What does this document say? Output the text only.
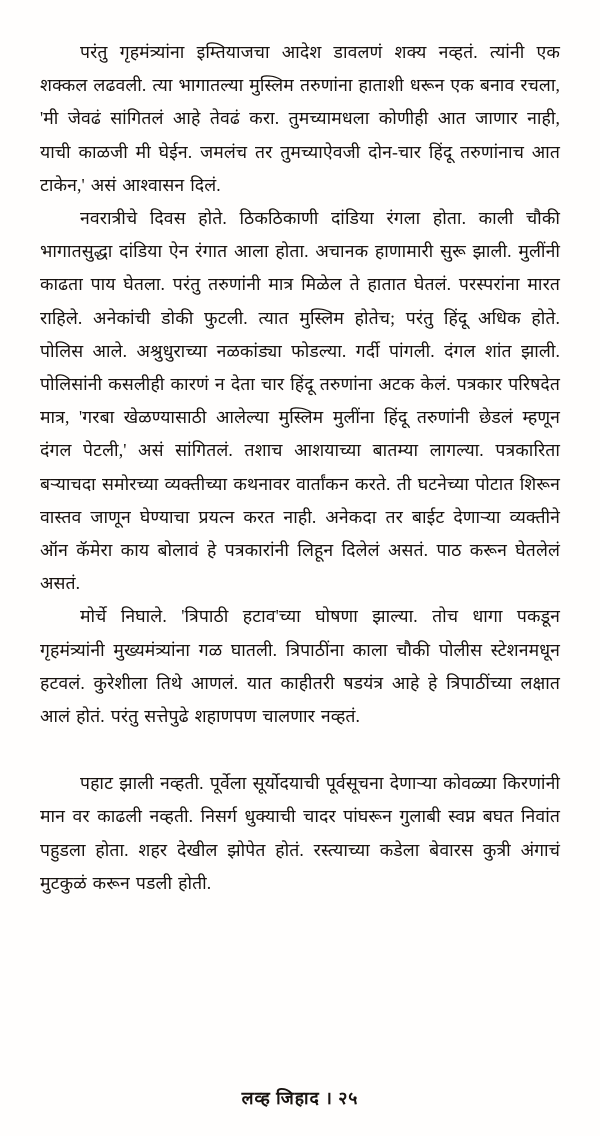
परंतु गृहमंत्र्यांना इम्तियाजचा आदेश डावलणं शक्य नव्हतं. त्यांनी एक शक्कल लढवली. त्या भागातल्या मुस्लिम तरुणांना हाताशी धरून एक बनाव रचला, 'मी जेवढं सांगितलं आहे तेवढं करा. तुमच्यामधला कोणीही आत जाणार नाही, याची काळजी मी घेईन. जमलंच तर तुमच्याऐवजी दोन-चार हिंदू तरुणांनाच आत टाकेन,' असं आश्वासन दिलं.

नवरात्रीचे दिवस होते. ठिकठिकाणी दांडिया रंगला होता. काली चौकी भागातसुद्धा दांडिया ऐन रंगात आला होता. अचानक हाणामारी सुरू झाली. मुलींनी काढता पाय घेतला. परंतु तरुणांनी मात्र मिळेल ते हातात घेतलं. परस्परांना मारत राहिले. अनेकांची डोकी फुटली. त्यात मुस्लिम होतेच; परंतु हिंदू अधिक होते. पोलिस आले. अश्रुधुराच्या नळकांड्या फोडल्या. गर्दी पांगली. दंगल शांत झाली. पोलिसांनी कसलीही कारणं न देता चार हिंदू तरुणांना अटक केलं. पत्रकार परिषदेत मात्र, 'गरबा खेळण्यासाठी आलेल्या मुस्लिम मुलींना हिंदू तरुणांनी छेडलं म्हणून दंगल पेटली,' असं सांगितलं. तशाच आशयाच्या बातम्या लागल्या. पत्रकारिता बऱ्याचदा समोरच्या व्यक्तीच्या कथनावर वार्तांकन करते. ती घटनेच्या पोटात शिरून वास्तव जाणून घेण्याचा प्रयत्न करत नाही. अनेकदा तर बाईट देणाऱ्या व्यक्तीने ऑन कॅमेरा काय बोलावं हे पत्रकारांनी लिहून दिलेलं असतं. पाठ करून घेतलेलं असतं.

मोर्चे निघाले. 'त्रिपाठी हटाव'च्या घोषणा झाल्या. तोच धागा पकडून गृहमंत्र्यांनी मुख्यमंत्र्यांना गळ घातली. त्रिपाठींना काला चौकी पोलीस स्टेशनमधून हटवलं. कुरेशीला तिथे आणलं. यात काहीतरी षडयंत्र आहे हे त्रिपाठींच्या लक्षात आलं होतं. परंतु सत्तेपुढे शहाणपण चालणार नव्हतं.

पहाट झाली नव्हती. पूर्वेला सूर्योदयाची पूर्वसूचना देणाऱ्या कोवळ्या किरणांनी मान वर काढली नव्हती. निसर्ग धुक्याची चादर पांघरून गुलाबी स्वप्न बघत निवांत पहुडला होता. शहर देखील झोपेत होतं. रस्त्याच्या कडेला बेवारस कुत्री अंगाचं मुटकुळं करून पडली होती.

लव्ह जिहाद । २५
